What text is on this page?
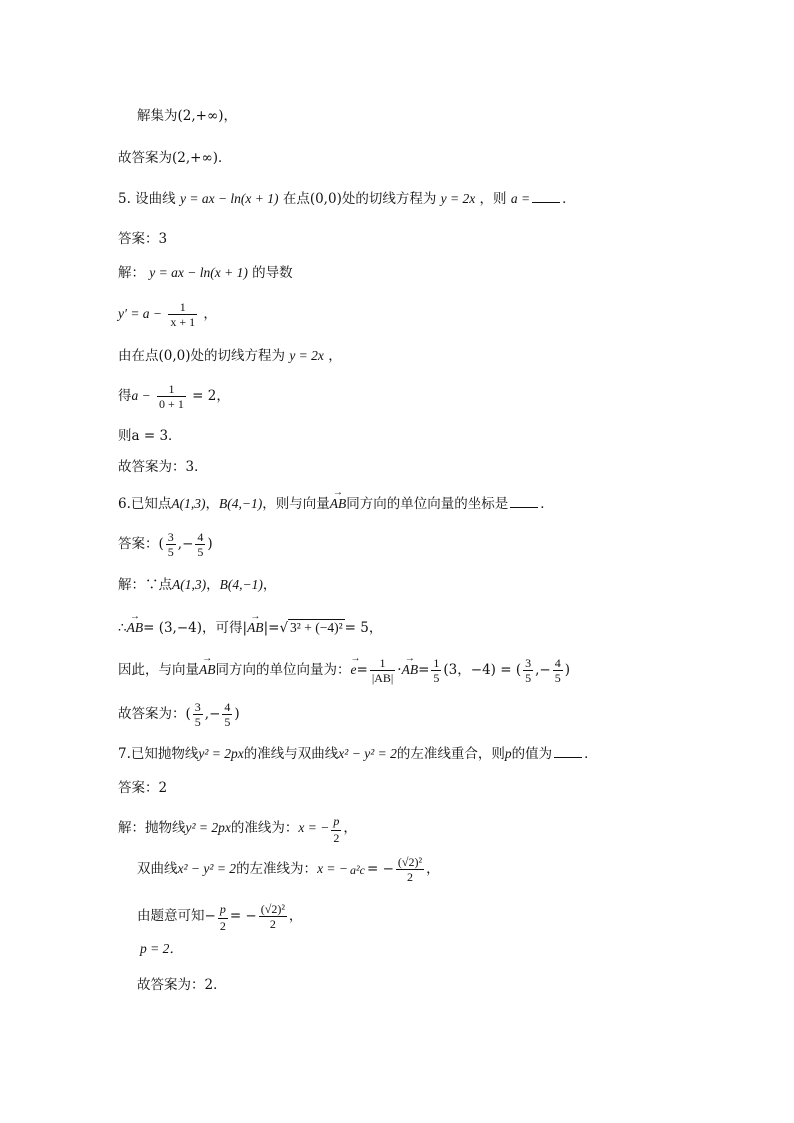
解集为(2,+∞)，
故答案为(2,+∞)．
5. 设曲线 y = ax − ln(x + 1) 在点(0,0)处的切线方程为 y = 2x ，则 a = ．
答案：3
解： y = ax − ln(x + 1) 的导数
$y' = a - \frac{1}{x + 1}$ ，
由在点(0,0)处的切线方程为 y = 2x ，
得$a - \frac{1}{0 + 1} = 2$，
则a = 3．
故答案为：3．
6.已知点A(1,3)，B(4,−1)，则与向量→ AB同方向的单位向量的坐标是 ．
答案：( $\frac{3}{5}$ ,− $\frac{4}{5}$ )
解：∵点A(1,3)，B(4,−1)，
∴→ AB= (3,−4)，可得|→ AB|=√ 3² + (−4)² = 5，
因此，与向量→ AB同方向的单位向量为：→ $e= \frac{1}{|AB|} \cdot\to AB= \frac{1}{5} (3$，−4) = ( $\frac{3}{5}$ ,− $\frac{4}{5}$ )
故答案为：( $\frac{3}{5}$ ,− $\frac{4}{5}$ )
7.已知抛物线y² = 2px的准线与双曲线x² − y² = 2的左准线重合，则p的值为 ．
答案：2
解：抛物线y² = 2px的准线为：x = − $\frac{p}{2}$ ，
双曲线x² − y² = 2的左准线为：x = − a²c = − $\frac{\text{(√2)²}}{2}$ ，
由题意可知− $\frac{p}{2}$ = − $\frac{\text{(√2)²}}{2}$ ，
p = 2．
故答案为：2．
